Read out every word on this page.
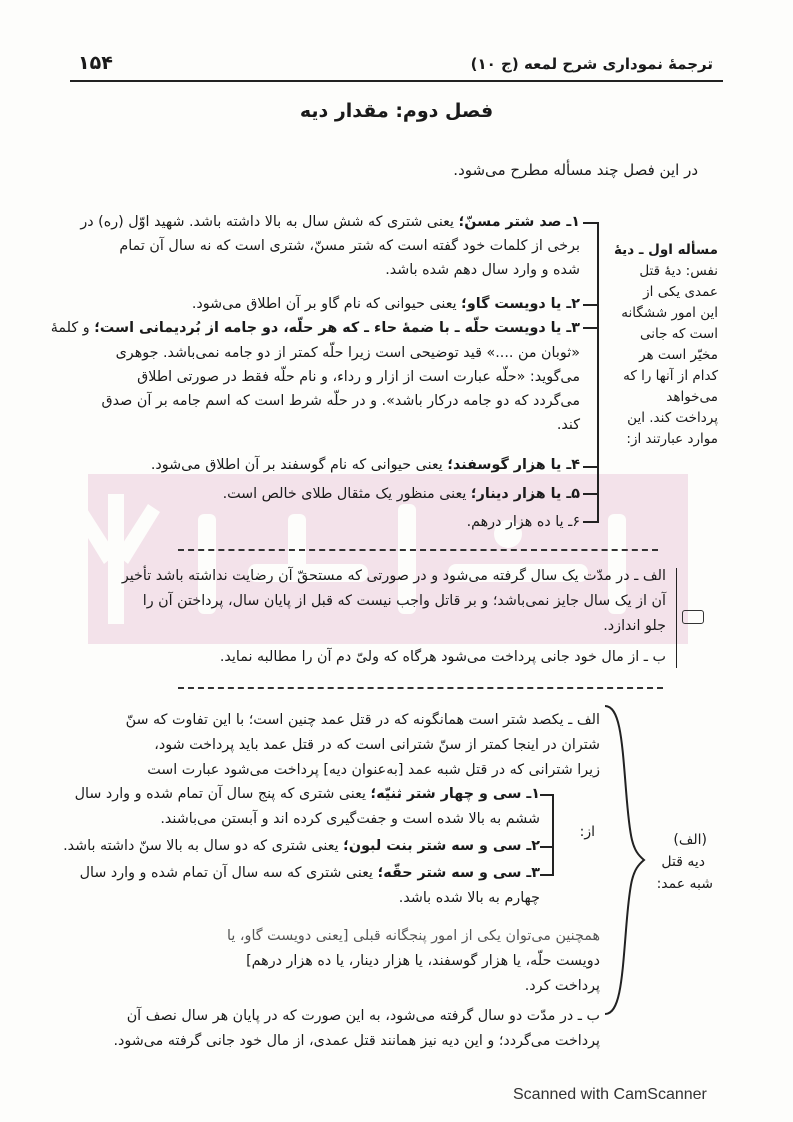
۱۵۴	ترجمهٔ نموداری شرح لمعه (ج ۱۰)
فصل دوم: مقدار دیه
در این فصل چند مسأله مطرح می‌شود.
مسأله اول ـ دیهٔ
نفس: دیهٔ قتل
عمدی یکی از
این امور ششگانه
است که جانی
مخیّر است هر
کدام از آنها را که
می‌خواهد
پرداخت کند. این
موارد عبارتند از:
۱ـ صد شتر مسنّ؛ یعنی شتری که شش سال به بالا داشته باشد. شهید اوّل (ره) در
برخی از کلمات خود گفته است که شتر مسنّ، شتری است که نه سال آن تمام
شده و وارد سال دهم شده باشد.
۲ـ یا دویست گاو؛ یعنی حیوانی که نام گاو بر آن اطلاق می‌شود.
۳ـ یا دویست حلّه ـ با ضمهٔ حاء ـ که هر حلّه، دو جامه از بُردیمانی است؛ و کلمهٔ
«ثوبان من ....» قید توضیحی است زیرا حلّه کمتر از دو جامه نمی‌باشد. جوهری
می‌گوید: «حلّه عبارت است از ازار و رداء، و نام حلّه فقط در صورتی اطلاق
می‌گردد که دو جامه درکار باشد». و در حلّه شرط است که اسم جامه بر آن صدق
کند.
۴ـ یا هزار گوسفند؛ یعنی حیوانی که نام گوسفند بر آن اطلاق می‌شود.
۵ـ یا هزار دینار؛ یعنی منظور یک مثقال طلای خالص است.
۶ـ یا ده هزار درهم.
الف ـ در مدّت یک سال گرفته می‌شود و در صورتی که مستحقّ آن رضایت نداشته باشد تأخیر
آن از یک سال جایز نمی‌باشد؛ و بر قاتل واجب نیست که قبل از پایان سال، پرداختن آن را
جلو اندازد.
ب ـ از مال خود جانی پرداخت می‌شود هرگاه که ولیّ دم آن را مطالبه نماید.
(الف)
دیه قتل
شبه عمد:
الف ـ یکصد شتر است همانگونه که در قتل عمد چنین است؛ با این تفاوت که سنّ
شتران در اینجا کمتر از سنّ شترانی است که در قتل عمد باید پرداخت شود،
زیرا شترانی که در قتل شبه عمد [به‌عنوان دیه] پرداخت می‌شود عبارت است
از:
۱ـ سی و چهار شتر ثنیّه؛ یعنی شتری که پنج سال آن تمام شده و وارد سال
ششم به بالا شده است و جفت‌گیری کرده اند و آبستن می‌باشند.
۲ـ سی و سه شتر بنت لبون؛ یعنی شتری که دو سال به بالا سنّ داشته باشد.
۳ـ سی و سه شتر حقّه؛ یعنی شتری که سه سال آن تمام شده و وارد سال
چهارم به بالا شده باشد.
همچنین می‌توان یکی از امور پنجگانه قبلی [یعنی دویست گاو، یا
دویست حلّه، یا هزار گوسفند، یا هزار دینار، یا ده هزار درهم]
پرداخت کرد.
ب ـ در مدّت دو سال گرفته می‌شود، به این صورت که در پایان هر سال نصف آن
پرداخت می‌گردد؛ و این دیه نیز همانند قتل عمدی، از مال خود جانی گرفته می‌شود.
Scanned with CamScanner
